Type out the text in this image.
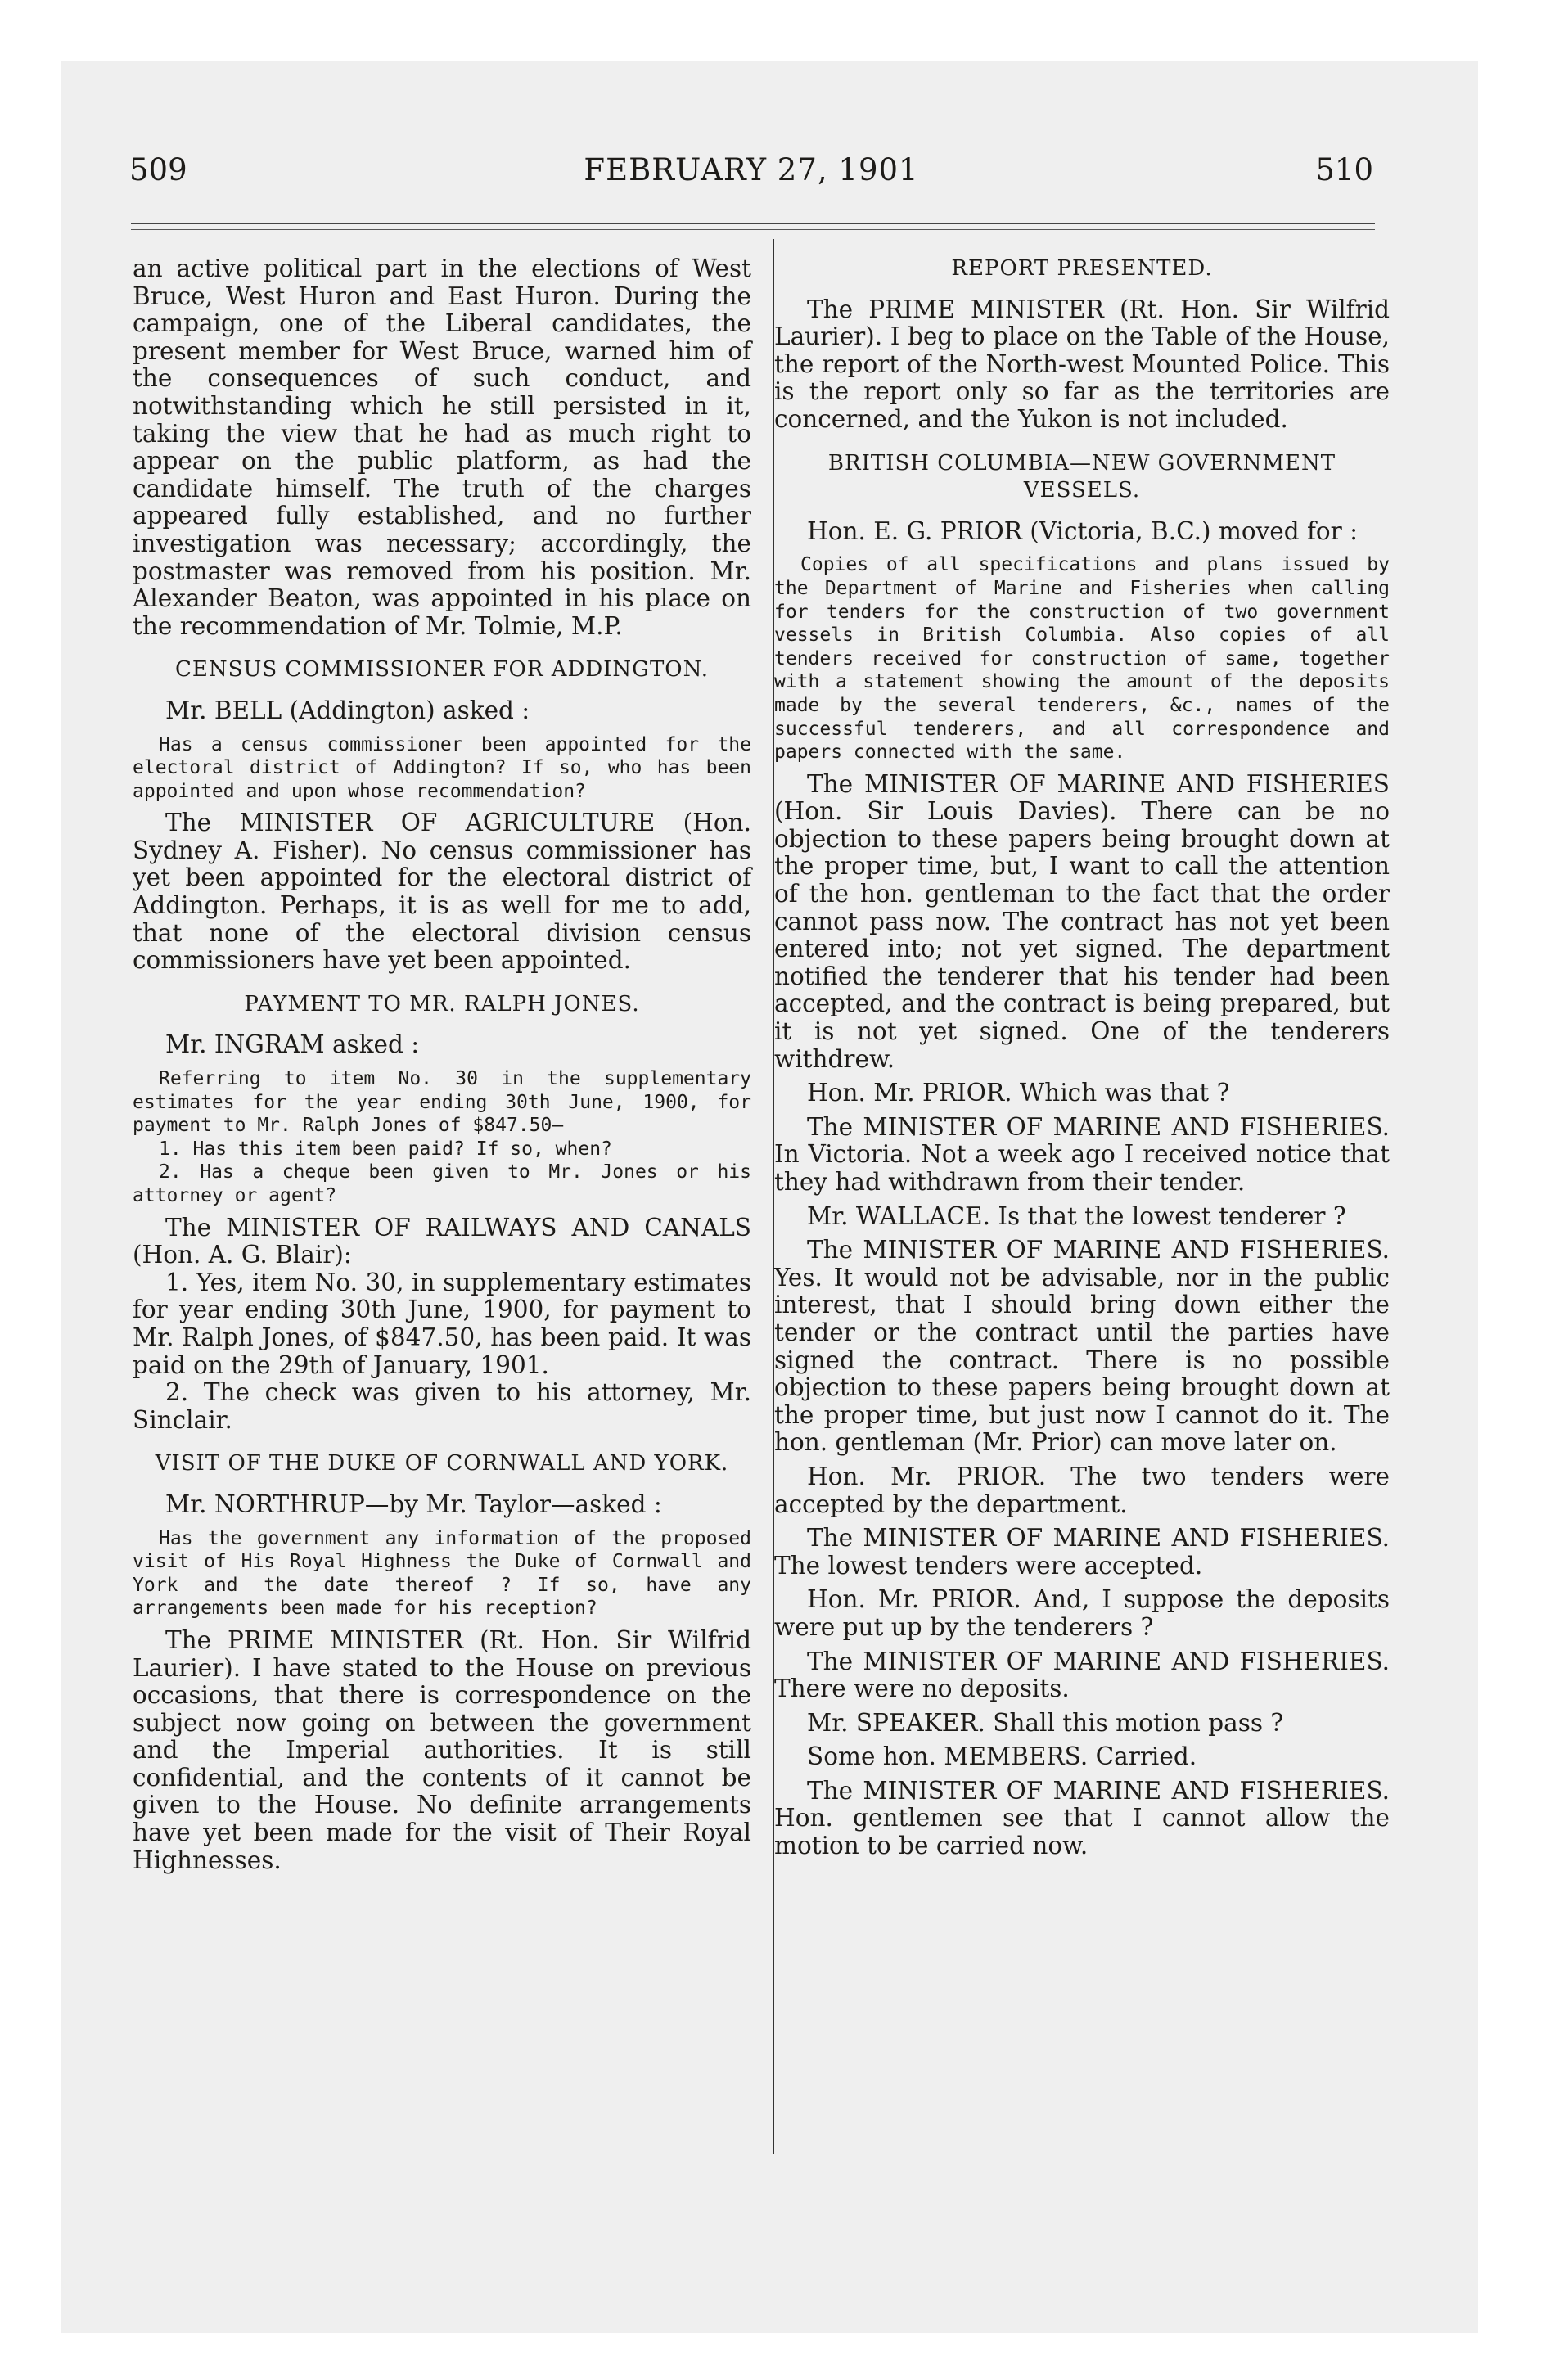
509	FEBRUARY 27, 1901	510

an active political part in the elections of West Bruce, West Huron and East Huron. During the campaign, one of the Liberal candidates, the present member for West Bruce, warned him of the consequences of such conduct, and notwithstanding which he still persisted in it, taking the view that he had as much right to appear on the public platform, as had the candidate himself. The truth of the charges appeared fully established, and no further investigation was necessary; accordingly, the postmaster was removed from his position. Mr. Alexander Beaton, was appointed in his place on the recommendation of Mr. Tolmie, M.P.

CENSUS COMMISSIONER FOR ADDINGTON.

Mr. BELL (Addington) asked :

Has a census commissioner been appointed for the electoral district of Addington? If so, who has been appointed and upon whose recommendation?

The MINISTER OF AGRICULTURE (Hon. Sydney A. Fisher). No census commissioner has yet been appointed for the electoral district of Addington. Perhaps, it is as well for me to add, that none of the electoral division census commissioners have yet been appointed.

PAYMENT TO MR. RALPH JONES.

Mr. INGRAM asked :

Referring to item No. 30 in the supplementary estimates for the year ending 30th June, 1900, for payment to Mr. Ralph Jones of $847.50—

1. Has this item been paid? If so, when?

2. Has a cheque been given to Mr. Jones or his attorney or agent?

The MINISTER OF RAILWAYS AND CANALS (Hon. A. G. Blair):

1. Yes, item No. 30, in supplementary estimates for year ending 30th June, 1900, for payment to Mr. Ralph Jones, of $847.50, has been paid. It was paid on the 29th of January, 1901.

2. The check was given to his attorney, Mr. Sinclair.

VISIT OF THE DUKE OF CORNWALL AND YORK.

Mr. NORTHRUP—by Mr. Taylor—asked :

Has the government any information of the proposed visit of His Royal Highness the Duke of Cornwall and York and the date thereof ? If so, have any arrangements been made for his reception?

The PRIME MINISTER (Rt. Hon. Sir Wilfrid Laurier). I have stated to the House on previous occasions, that there is correspondence on the subject now going on between the government and the Imperial authorities. It is still confidential, and the contents of it cannot be given to the House. No definite arrangements have yet been made for the visit of Their Royal Highnesses.

REPORT PRESENTED.

The PRIME MINISTER (Rt. Hon. Sir Wilfrid Laurier). I beg to place on the Table of the House, the report of the North-west Mounted Police. This is the report only so far as the territories are concerned, and the Yukon is not included.

BRITISH COLUMBIA—NEW GOVERNMENT VESSELS.

Hon. E. G. PRIOR (Victoria, B.C.) moved for :

Copies of all specifications and plans issued by the Department of Marine and Fisheries when calling for tenders for the construction of two government vessels in British Columbia. Also copies of all tenders received for construction of same, together with a statement showing the amount of the deposits made by the several tenderers, &c., names of the successful tenderers, and all correspondence and papers connected with the same.

The MINISTER OF MARINE AND FISHERIES (Hon. Sir Louis Davies). There can be no objection to these papers being brought down at the proper time, but, I want to call the attention of the hon. gentleman to the fact that the order cannot pass now. The contract has not yet been entered into; not yet signed. The department notified the tenderer that his tender had been accepted, and the contract is being prepared, but it is not yet signed. One of the tenderers withdrew.

Hon. Mr. PRIOR. Which was that ?

The MINISTER OF MARINE AND FISHERIES. In Victoria. Not a week ago I received notice that they had withdrawn from their tender.

Mr. WALLACE. Is that the lowest tenderer ?

The MINISTER OF MARINE AND FISHERIES. Yes. It would not be advisable, nor in the public interest, that I should bring down either the tender or the contract until the parties have signed the contract. There is no possible objection to these papers being brought down at the proper time, but just now I cannot do it. The hon. gentleman (Mr. Prior) can move later on.

Hon. Mr. PRIOR. The two tenders were accepted by the department.

The MINISTER OF MARINE AND FISHERIES. The lowest tenders were accepted.

Hon. Mr. PRIOR. And, I suppose the deposits were put up by the tenderers ?

The MINISTER OF MARINE AND FISHERIES. There were no deposits.

Mr. SPEAKER. Shall this motion pass ?

Some hon. MEMBERS. Carried.

The MINISTER OF MARINE AND FISHERIES. Hon. gentlemen see that I cannot allow the motion to be carried now.
